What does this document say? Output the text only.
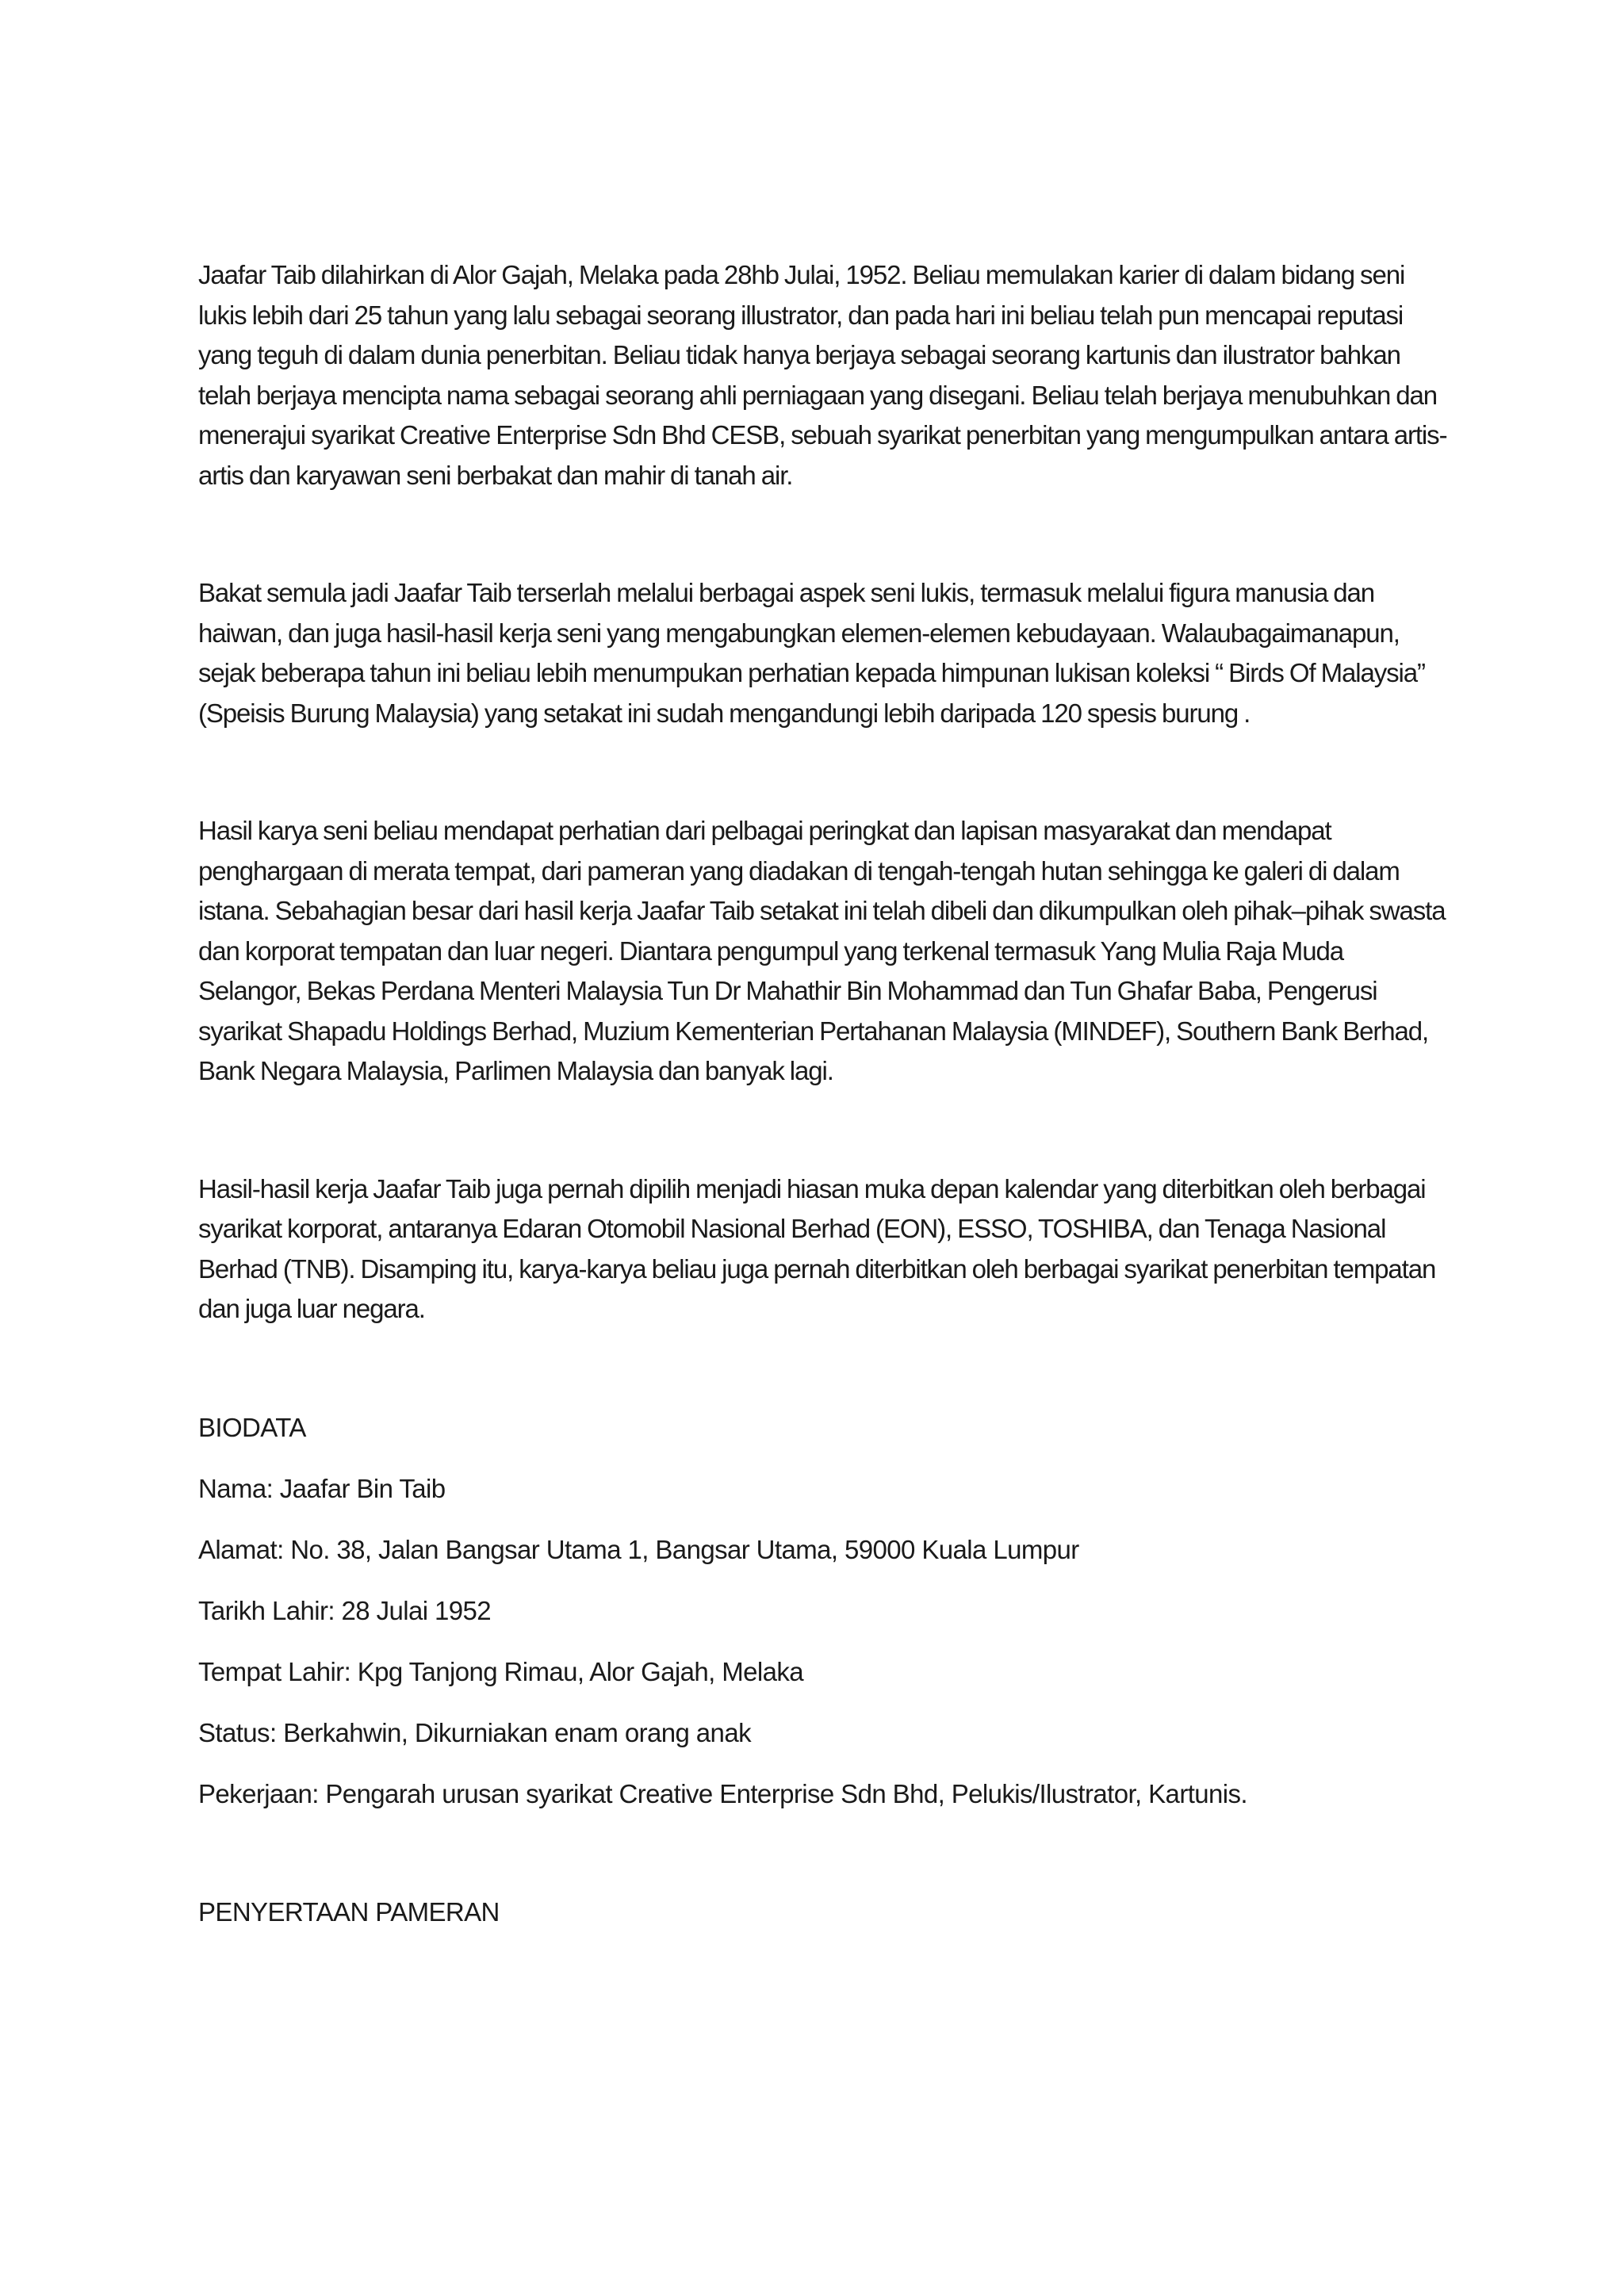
Jaafar Taib dilahirkan di Alor Gajah, Melaka pada 28hb Julai, 1952. Beliau memulakan karier di dalam bidang seni lukis lebih dari 25 tahun yang lalu sebagai seorang illustrator, dan pada hari ini beliau telah pun mencapai reputasi yang teguh di dalam dunia penerbitan. Beliau tidak hanya berjaya sebagai seorang kartunis dan ilustrator bahkan telah berjaya mencipta nama sebagai seorang ahli perniagaan yang disegani. Beliau telah berjaya menubuhkan dan menerajui syarikat Creative Enterprise Sdn Bhd CESB, sebuah syarikat penerbitan yang mengumpulkan antara artis-artis dan karyawan seni berbakat dan mahir di tanah air.

Bakat semula jadi Jaafar Taib terserlah melalui berbagai aspek seni lukis, termasuk melalui figura manusia dan haiwan, dan juga hasil-hasil kerja seni yang mengabungkan elemen-elemen kebudayaan. Walaubagaimanapun, sejak beberapa tahun ini beliau lebih menumpukan perhatian kepada himpunan lukisan koleksi “ Birds Of Malaysia” (Speisis Burung Malaysia) yang setakat ini sudah mengandungi lebih daripada 120 spesis burung .

Hasil karya seni beliau mendapat perhatian dari pelbagai peringkat dan lapisan masyarakat dan mendapat penghargaan di merata tempat, dari pameran yang diadakan di tengah-tengah hutan sehingga ke galeri di dalam istana. Sebahagian besar dari hasil kerja Jaafar Taib setakat ini telah dibeli dan dikumpulkan oleh pihak–pihak swasta dan korporat tempatan dan luar negeri. Diantara pengumpul yang terkenal termasuk Yang Mulia Raja Muda Selangor, Bekas Perdana Menteri Malaysia Tun Dr Mahathir Bin Mohammad dan Tun Ghafar Baba, Pengerusi syarikat Shapadu Holdings Berhad, Muzium Kementerian Pertahanan Malaysia (MINDEF), Southern Bank Berhad, Bank Negara Malaysia, Parlimen Malaysia dan banyak lagi.

Hasil-hasil kerja Jaafar Taib juga pernah dipilih menjadi hiasan muka depan kalendar yang diterbitkan oleh berbagai syarikat korporat, antaranya Edaran Otomobil Nasional Berhad (EON), ESSO, TOSHIBA, dan Tenaga Nasional Berhad (TNB). Disamping itu, karya-karya beliau juga pernah diterbitkan oleh berbagai syarikat penerbitan tempatan dan juga luar negara.

BIODATA

Nama: Jaafar Bin Taib

Alamat: No. 38, Jalan Bangsar Utama 1, Bangsar Utama, 59000 Kuala Lumpur

Tarikh Lahir: 28 Julai 1952

Tempat Lahir: Kpg Tanjong Rimau, Alor Gajah, Melaka

Status: Berkahwin, Dikurniakan enam orang anak

Pekerjaan: Pengarah urusan syarikat Creative Enterprise Sdn Bhd, Pelukis/Ilustrator, Kartunis.

PENYERTAAN PAMERAN
